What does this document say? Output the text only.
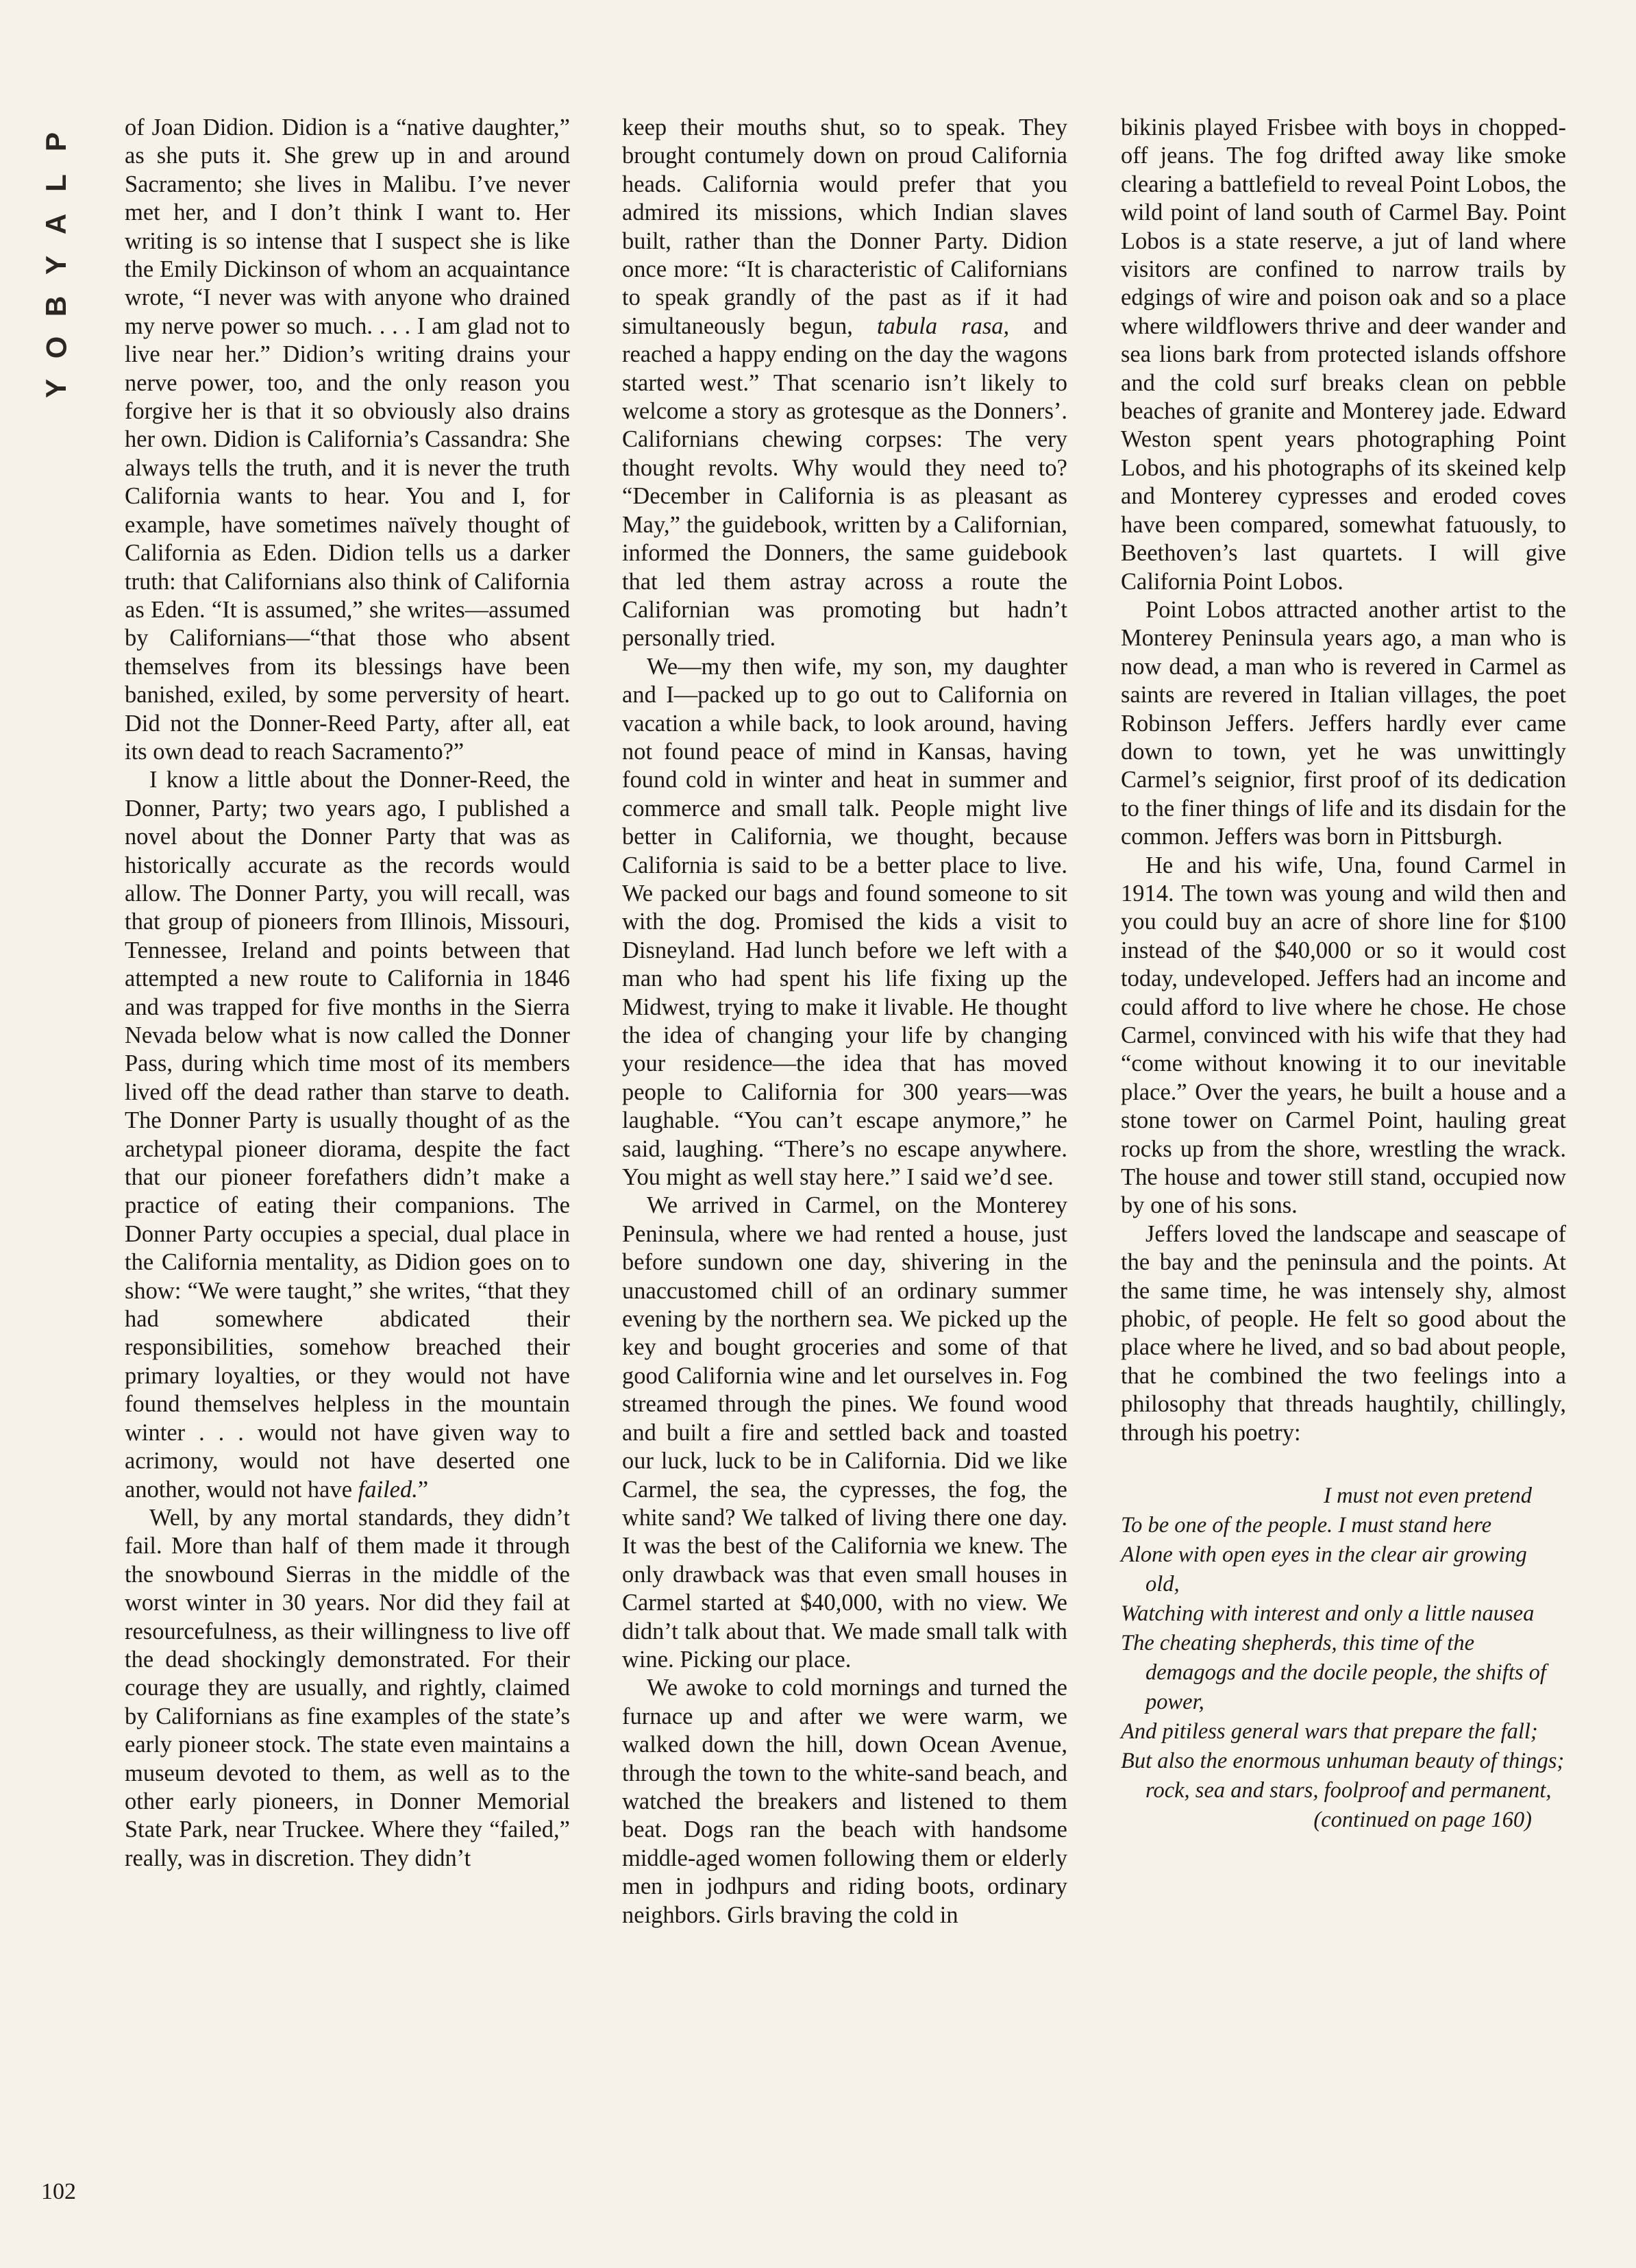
P
L
A
Y
B
O
Y

of Joan Didion. Didion is a “native daughter,” as she puts it. She grew up in and around Sacramento; she lives in Malibu. I’ve never met her, and I don’t think I want to. Her writing is so intense that I suspect she is like the Emily Dickinson of whom an acquaintance wrote, “I never was with anyone who drained my nerve power so much. . . . I am glad not to live near her.” Didion’s writing drains your nerve power, too, and the only reason you forgive her is that it so obviously also drains her own. Didion is California’s Cassandra: She always tells the truth, and it is never the truth California wants to hear. You and I, for example, have sometimes naïvely thought of California as Eden. Didion tells us a darker truth: that Californians also think of California as Eden. “It is assumed,” she writes—assumed by Californians—“that those who absent themselves from its blessings have been banished, exiled, by some perversity of heart. Did not the Donner-Reed Party, after all, eat its own dead to reach Sacramento?”

I know a little about the Donner-Reed, the Donner, Party; two years ago, I published a novel about the Donner Party that was as historically accurate as the records would allow. The Donner Party, you will recall, was that group of pioneers from Illinois, Missouri, Tennessee, Ireland and points between that attempted a new route to California in 1846 and was trapped for five months in the Sierra Nevada below what is now called the Donner Pass, during which time most of its members lived off the dead rather than starve to death. The Donner Party is usually thought of as the archetypal pioneer diorama, despite the fact that our pioneer forefathers didn’t make a practice of eating their companions. The Donner Party occupies a special, dual place in the California mentality, as Didion goes on to show: “We were taught,” she writes, “that they had somewhere abdicated their responsibilities, somehow breached their primary loyalties, or they would not have found themselves helpless in the mountain winter . . . would not have given way to acrimony, would not have deserted one another, would not have failed.”

Well, by any mortal standards, they didn’t fail. More than half of them made it through the snowbound Sierras in the middle of the worst winter in 30 years. Nor did they fail at resourcefulness, as their willingness to live off the dead shockingly demonstrated. For their courage they are usually, and rightly, claimed by Californians as fine examples of the state’s early pioneer stock. The state even maintains a museum devoted to them, as well as to the other early pioneers, in Donner Memorial State Park, near Truckee. Where they “failed,” really, was in discretion. They didn’t

keep their mouths shut, so to speak. They brought contumely down on proud California heads. California would prefer that you admired its missions, which Indian slaves built, rather than the Donner Party. Didion once more: “It is characteristic of Californians to speak grandly of the past as if it had simultaneously begun, tabula rasa, and reached a happy ending on the day the wagons started west.” That scenario isn’t likely to welcome a story as grotesque as the Donners’. Californians chewing corpses: The very thought revolts. Why would they need to? “December in California is as pleasant as May,” the guidebook, written by a Californian, informed the Donners, the same guidebook that led them astray across a route the Californian was promoting but hadn’t personally tried.

We—my then wife, my son, my daughter and I—packed up to go out to California on vacation a while back, to look around, having not found peace of mind in Kansas, having found cold in winter and heat in summer and commerce and small talk. People might live better in California, we thought, because California is said to be a better place to live. We packed our bags and found someone to sit with the dog. Promised the kids a visit to Disneyland. Had lunch before we left with a man who had spent his life fixing up the Midwest, trying to make it livable. He thought the idea of changing your life by changing your residence—the idea that has moved people to California for 300 years—was laughable. “You can’t escape anymore,” he said, laughing. “There’s no escape anywhere. You might as well stay here.” I said we’d see.

We arrived in Carmel, on the Monterey Peninsula, where we had rented a house, just before sundown one day, shivering in the unaccustomed chill of an ordinary summer evening by the northern sea. We picked up the key and bought groceries and some of that good California wine and let ourselves in. Fog streamed through the pines. We found wood and built a fire and settled back and toasted our luck, luck to be in California. Did we like Carmel, the sea, the cypresses, the fog, the white sand? We talked of living there one day. It was the best of the California we knew. The only drawback was that even small houses in Carmel started at $40,000, with no view. We didn’t talk about that. We made small talk with wine. Picking our place.

We awoke to cold mornings and turned the furnace up and after we were warm, we walked down the hill, down Ocean Avenue, through the town to the white-sand beach, and watched the breakers and listened to them beat. Dogs ran the beach with handsome middle-aged women following them or elderly men in jodhpurs and riding boots, ordinary neighbors. Girls braving the cold in

bikinis played Frisbee with boys in chopped-off jeans. The fog drifted away like smoke clearing a battlefield to reveal Point Lobos, the wild point of land south of Carmel Bay. Point Lobos is a state reserve, a jut of land where visitors are confined to narrow trails by edgings of wire and poison oak and so a place where wildflowers thrive and deer wander and sea lions bark from protected islands offshore and the cold surf breaks clean on pebble beaches of granite and Monterey jade. Edward Weston spent years photographing Point Lobos, and his photographs of its skeined kelp and Monterey cypresses and eroded coves have been compared, somewhat fatuously, to Beethoven’s last quartets. I will give California Point Lobos.

Point Lobos attracted another artist to the Monterey Peninsula years ago, a man who is now dead, a man who is revered in Carmel as saints are revered in Italian villages, the poet Robinson Jeffers. Jeffers hardly ever came down to town, yet he was unwittingly Carmel’s seignior, first proof of its dedication to the finer things of life and its disdain for the common. Jeffers was born in Pittsburgh.

He and his wife, Una, found Carmel in 1914. The town was young and wild then and you could buy an acre of shore line for $100 instead of the $40,000 or so it would cost today, undeveloped. Jeffers had an income and could afford to live where he chose. He chose Carmel, convinced with his wife that they had “come without knowing it to our inevitable place.” Over the years, he built a house and a stone tower on Carmel Point, hauling great rocks up from the shore, wrestling the wrack. The house and tower still stand, occupied now by one of his sons.

Jeffers loved the landscape and seascape of the bay and the peninsula and the points. At the same time, he was intensely shy, almost phobic, of people. He felt so good about the place where he lived, and so bad about people, that he combined the two feelings into a philosophy that threads haughtily, chillingly, through his poetry:

I must not even pretend

To be one of the people. I must stand here

Alone with open eyes in the clear air growing old,

Watching with interest and only a little nausea

The cheating shepherds, this time of the demagogs and the docile people, the shifts of power,

And pitiless general wars that prepare the fall;

But also the enormous unhuman beauty of things; rock, sea and stars, foolproof and permanent,

(continued on page 160)

102
